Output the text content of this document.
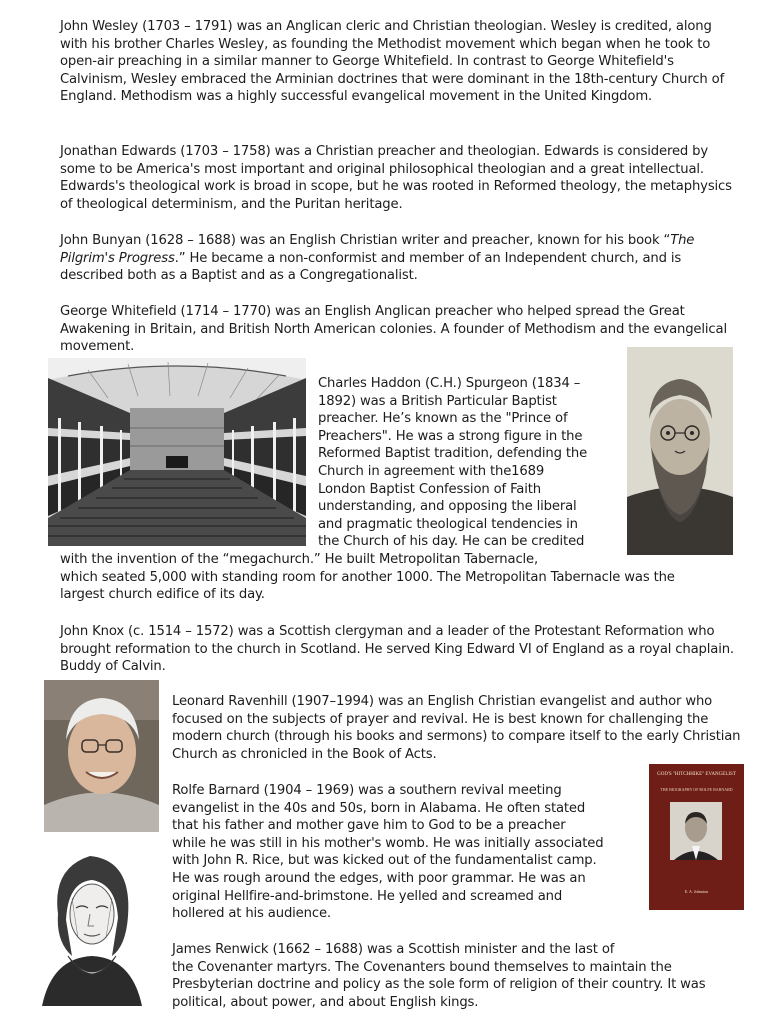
John Wesley (1703 – 1791) was an Anglican cleric and Christian theologian. Wesley is credited, along with his brother Charles Wesley, as founding the Methodist movement which began when he took to open-air preaching in a similar manner to George Whitefield. In contrast to George Whitefield's Calvinism, Wesley embraced the Arminian doctrines that were dominant in the 18th-century Church of England. Methodism was a highly successful evangelical movement in the United Kingdom.

Jonathan Edwards (1703 – 1758) was a Christian preacher and theologian. Edwards is considered by some to be America's most important and original philosophical theologian and a great intellectual. Edwards's theological work is broad in scope, but he was rooted in Reformed theology, the metaphysics of theological determinism, and the Puritan heritage.

John Bunyan (1628 – 1688) was an English Christian writer and preacher, known for his book “The Pilgrim's Progress.” He became a non-conformist and member of an Independent church, and is described both as a Baptist and as a Congregationalist.

George Whitefield (1714 – 1770) was an English Anglican preacher who helped spread the Great Awakening in Britain, and British North American colonies. A founder of Methodism and the evangelical movement.

Charles Haddon (C.H.) Spurgeon (1834 –
1892) was a British Particular Baptist
preacher. He’s known as the "Prince of
Preachers". He was a strong figure in the
Reformed Baptist tradition, defending the
Church in agreement with the1689
London Baptist Confession of Faith
understanding, and opposing the liberal
and pragmatic theological tendencies in
the Church of his day. He can be credited
with the invention of the “megachurch.” He built Metropolitan Tabernacle,
which seated 5,000 with standing room for another 1000. The Metropolitan Tabernacle was the
largest church edifice of its day.

John Knox (c. 1514 – 1572) was a Scottish clergyman and a leader of the Protestant Reformation who brought reformation to the church in Scotland. He served King Edward VI of England as a royal chaplain. Buddy of Calvin.

Leonard Ravenhill (1907–1994) was an English Christian evangelist and author who focused on the subjects of prayer and revival. He is best known for challenging the modern church (through his books and sermons) to compare itself to the early Christian Church as chronicled in the Book of Acts.

Rolfe Barnard (1904 – 1969) was a southern revival meeting
evangelist in the 40s and 50s, born in Alabama. He often stated
that his father and mother gave him to God to be a preacher
while he was still in his mother's womb. He was initially associated
with John R. Rice, but was kicked out of the fundamentalist camp.
He was rough around the edges, with poor grammar. He was an
original Hellfire-and-brimstone. He yelled and screamed and
hollered at his audience.
GOD'S "HITCHHIKE" EVANGELIST
THE BIOGRAPHY OF ROLFE BARNARD
E. A. Johnston
James Renwick (1662 – 1688) was a Scottish minister and the last of
the Covenanter martyrs. The Covenanters bound themselves to maintain the
Presbyterian doctrine and policy as the sole form of religion of their country. It was
political, about power, and about English kings.
